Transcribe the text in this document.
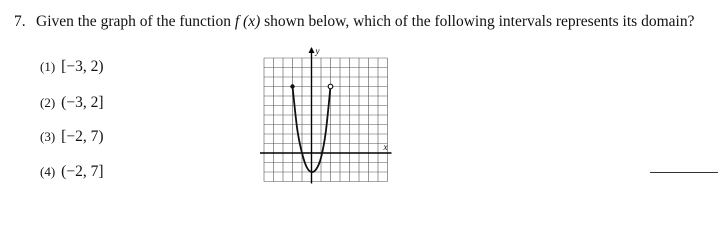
7. Given the graph of the function f (x) shown below, which of the following intervals represents its domain?
(1) [−3, 2)
(2) (−3, 2]
(3) [−2, 7)
(4) (−2, 7]
y
x
